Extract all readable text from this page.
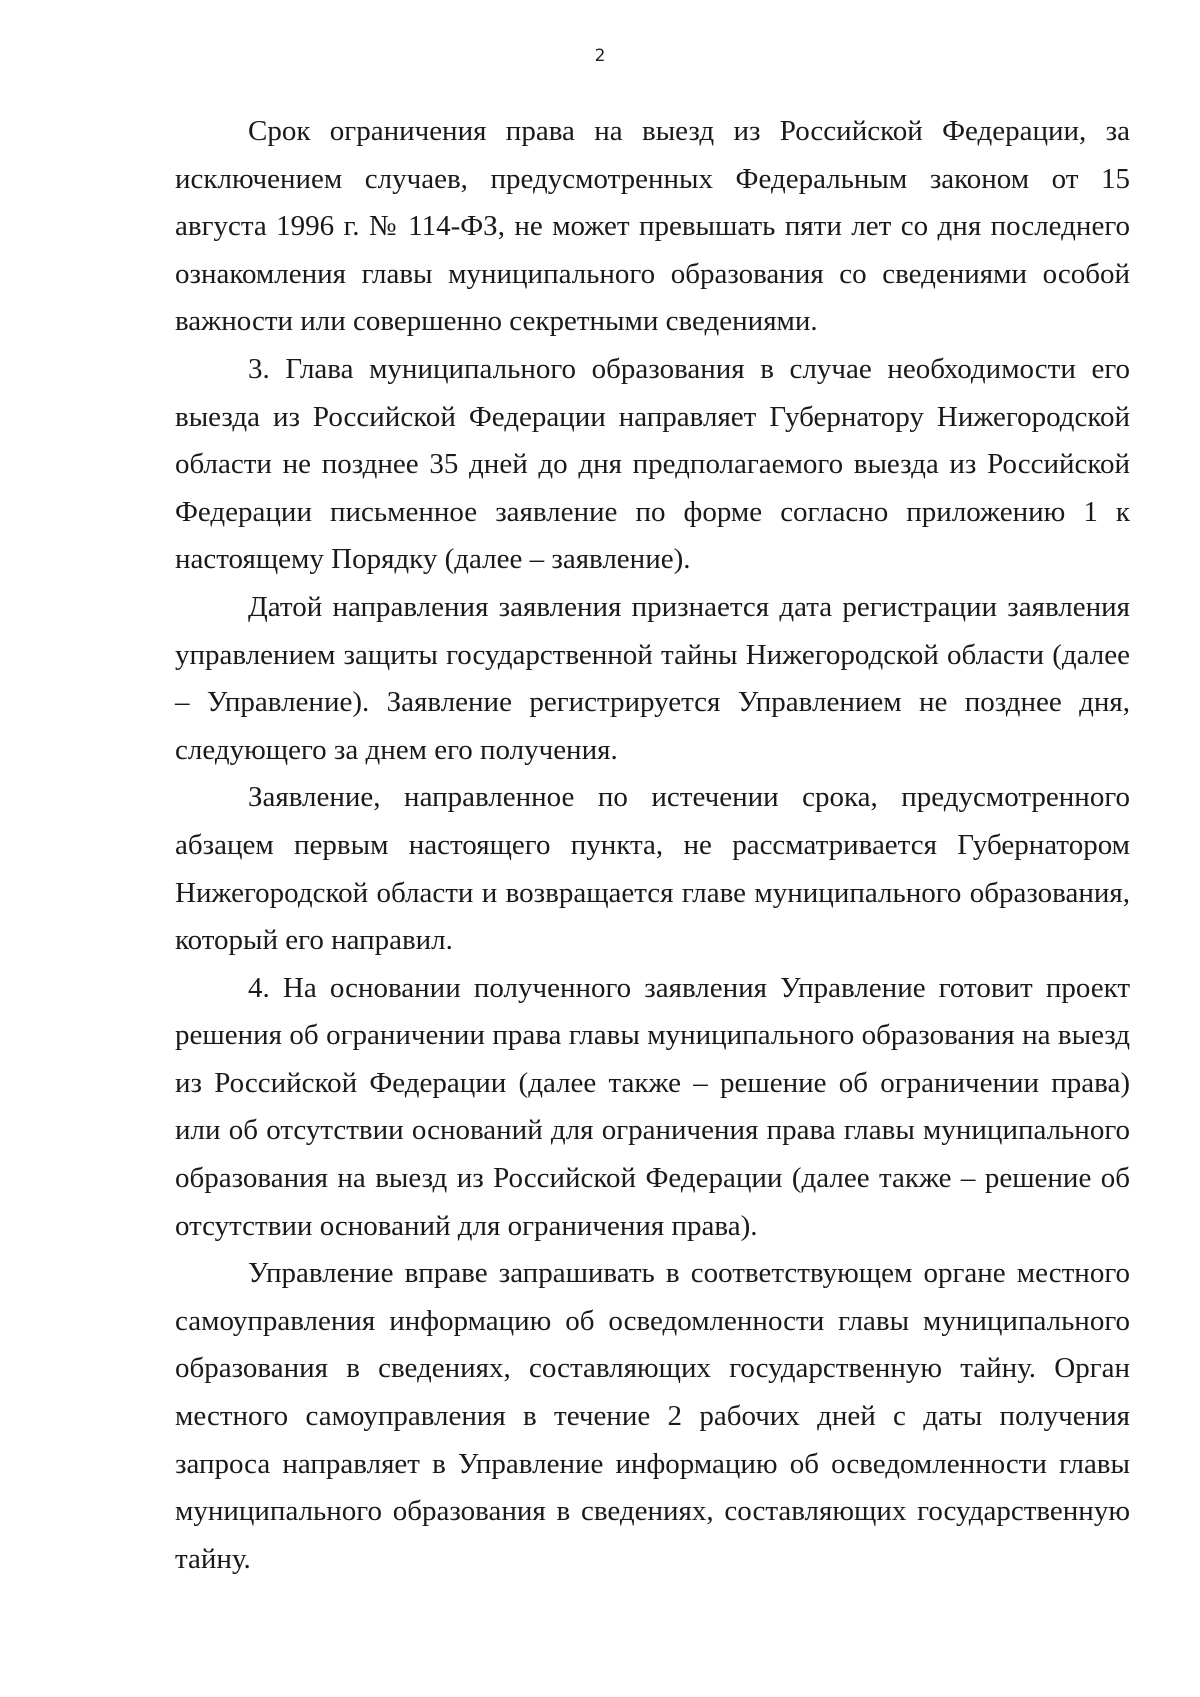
2

Срок ограничения права на выезд из Российской Федерации, за исключением случаев, предусмотренных Федеральным законом от 15 августа 1996 г. № 114-ФЗ, не может превышать пяти лет со дня последнего ознакомления главы муниципального образования со сведениями особой важности или совершенно секретными сведениями.

3. Глава муниципального образования в случае необходимости его выезда из Российской Федерации направляет Губернатору Нижегородской области не позднее 35 дней до дня предполагаемого выезда из Российской Федерации письменное заявление по форме согласно приложению 1 к настоящему Порядку (далее – заявление).

Датой направления заявления признается дата регистрации заявления управлением защиты государственной тайны Нижегородской области (далее – Управление). Заявление регистрируется Управлением не позднее дня, следующего за днем его получения.

Заявление, направленное по истечении срока, предусмотренного абзацем первым настоящего пункта, не рассматривается Губернатором Нижегородской области и возвращается главе муниципального образования, который его направил.

4. На основании полученного заявления Управление готовит проект решения об ограничении права главы муниципального образования на выезд из Российской Федерации (далее также – решение об ограничении права) или об отсутствии оснований для ограничения права главы муниципального образования на выезд из Российской Федерации (далее также – решение об отсутствии оснований для ограничения права).

Управление вправе запрашивать в соответствующем органе местного самоуправления информацию об осведомленности главы муниципального образования в сведениях, составляющих государственную тайну. Орган местного самоуправления в течение 2 рабочих дней с даты получения запроса направляет в Управление информацию об осведомленности главы муниципального образования в сведениях, составляющих государственную тайну.
